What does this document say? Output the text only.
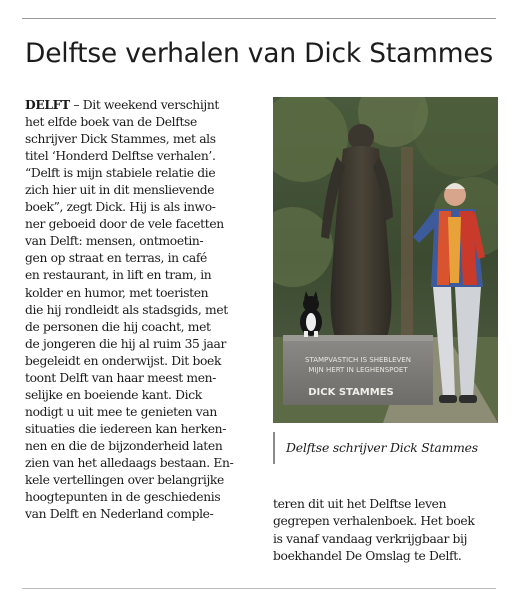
Delftse verhalen van Dick Stammes
DELFT – Dit weekend verschijnt
het elfde boek van de Delftse
schrijver Dick Stammes, met als
titel ‘Honderd Delftse verhalen’.
“Delft is mijn stabiele relatie die
zich hier uit in dit menslievende
boek”, zegt Dick. Hij is als inwo-
ner geboeid door de vele facetten
van Delft: mensen, ontmoetin-
gen op straat en terras, in café
en restaurant, in lift en tram, in
kolder en humor, met toeristen
die hij rondleidt als stadsgids, met
de personen die hij coacht, met
de jongeren die hij al ruim 35 jaar
begeleidt en onderwijst. Dit boek
toont Delft van haar meest men-
selijke en boeiende kant. Dick
nodigt u uit mee te genieten van
situaties die iedereen kan herken-
nen en die de bijzonderheid laten
zien van het alledaags bestaan. En-
kele vertellingen over belangrijke
hoogtepunten in de geschiedenis
van Delft en Nederland comple-
STAMPVASTICH IS SHEBLEVEN
MIJN HERT IN LEGHENSPOET
DICK STAMMES
Delftse schrijver Dick Stammes
teren dit uit het Delftse leven
gegrepen verhalenboek. Het boek
is vanaf vandaag verkrijgbaar bij
boekhandel De Omslag te Delft.
